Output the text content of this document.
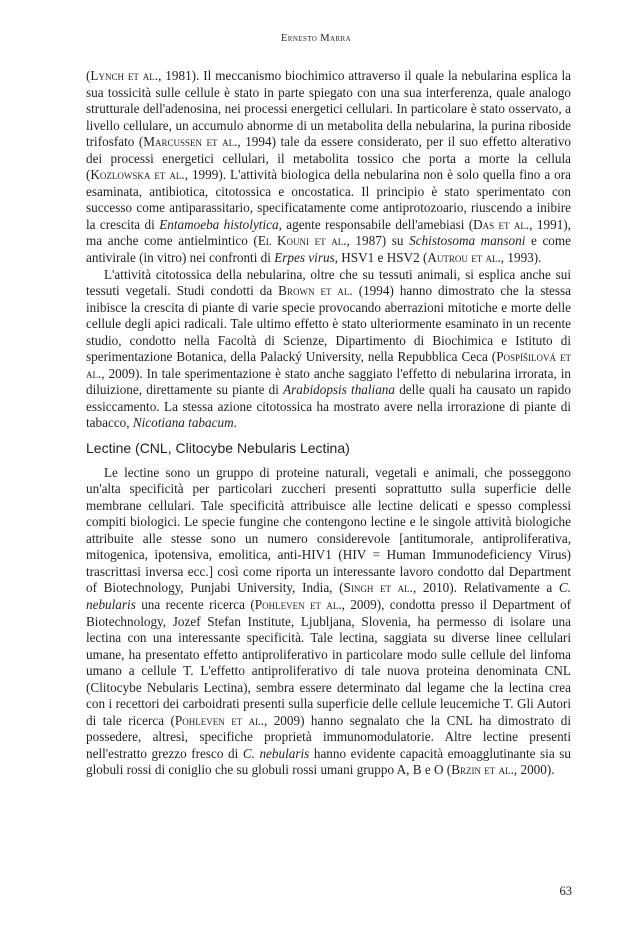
Ernesto Marra

(Lynch et al., 1981). Il meccanismo biochimico attraverso il quale la nebularina esplica la sua tossicità sulle cellule è stato in parte spiegato con una sua interferenza, quale analogo strutturale dell'adenosina, nei processi energetici cellulari. In particolare è stato osservato, a livello cellulare, un accumulo abnorme di un metabolita della nebularina, la purina riboside trifosfato (Marcussen et al., 1994) tale da essere considerato, per il suo effetto alterativo dei processi energetici cellulari, il metabolita tossico che porta a morte la cellula (Kozlowska et al., 1999). L'attività biologica della nebularina non è solo quella fino a ora esaminata, antibiotica, citotossica e oncostatica. Il principio è stato sperimentato con successo come antiparassitario, specificatamente come antiprotozoario, riuscendo a inibire la crescita di Entamoeba histolytica, agente responsabile dell'amebiasi (Das et al., 1991), ma anche come antielmintico (El Kouni et al., 1987) su Schistosoma mansoni e come antivirale (in vitro) nei confronti di Erpes virus, HSV1 e HSV2 (Autrou et al., 1993).

L'attività citotossica della nebularina, oltre che su tessuti animali, si esplica anche sui tessuti vegetali. Studi condotti da Brown et al. (1994) hanno dimostrato che la stessa inibisce la crescita di piante di varie specie provocando aberrazioni mitotiche e morte delle cellule degli apici radicali. Tale ultimo effetto è stato ulteriormente esaminato in un recente studio, condotto nella Facoltà di Scienze, Dipartimento di Biochimica e Istituto di sperimentazione Botanica, della Palacký University, nella Repubblica Ceca (Pospíšilová et al., 2009). In tale sperimentazione è stato anche saggiato l'effetto di nebularina irrorata, in diluizione, direttamente su piante di Arabidopsis thaliana delle quali ha causato un rapido essiccamento. La stessa azione citotossica ha mostrato avere nella irrorazione di piante di tabacco, Nicotiana tabacum.

Lectine (CNL, Clitocybe Nebularis Lectina)

Le lectine sono un gruppo di proteine naturali, vegetali e animali, che posseggono un'alta specificità per particolari zuccheri presenti soprattutto sulla superficie delle membrane cellulari. Tale specificità attribuisce alle lectine delicati e spesso complessi compiti biologici. Le specie fungine che contengono lectine e le singole attività biologiche attribuite alle stesse sono un numero considerevole [antitumorale, antiproliferativa, mitogenica, ipotensiva, emolitica, anti-HIV1 (HIV = Human Immunodeficiency Virus) trascrittasi inversa ecc.] così come riporta un interessante lavoro condotto dal Department of Biotechnology, Punjabi University, India, (Singh et al., 2010). Relativamente a C. nebularis una recente ricerca (Pohleven et al., 2009), condotta presso il Department of Biotechnology, Jozef Stefan Institute, Ljubljana, Slovenia, ha permesso di isolare una lectina con una interessante specificità. Tale lectina, saggiata su diverse linee cellulari umane, ha presentato effetto antiproliferativo in particolare modo sulle cellule del linfoma umano a cellule T. L'effetto antiproliferativo di tale nuova proteina denominata CNL (Clitocybe Nebularis Lectina), sembra essere determinato dal legame che la lectina crea con i recettori dei carboidrati presenti sulla superficie delle cellule leucemiche T. Gli Autori di tale ricerca (Pohleven et al., 2009) hanno segnalato che la CNL ha dimostrato di possedere, altresì, specifiche proprietà immunomodulatorie. Altre lectine presenti nell'estratto grezzo fresco di C. nebularis hanno evidente capacità emoagglutinante sia su globuli rossi di coniglio che su globuli rossi umani gruppo A, B e O (Brzin et al., 2000).

63
